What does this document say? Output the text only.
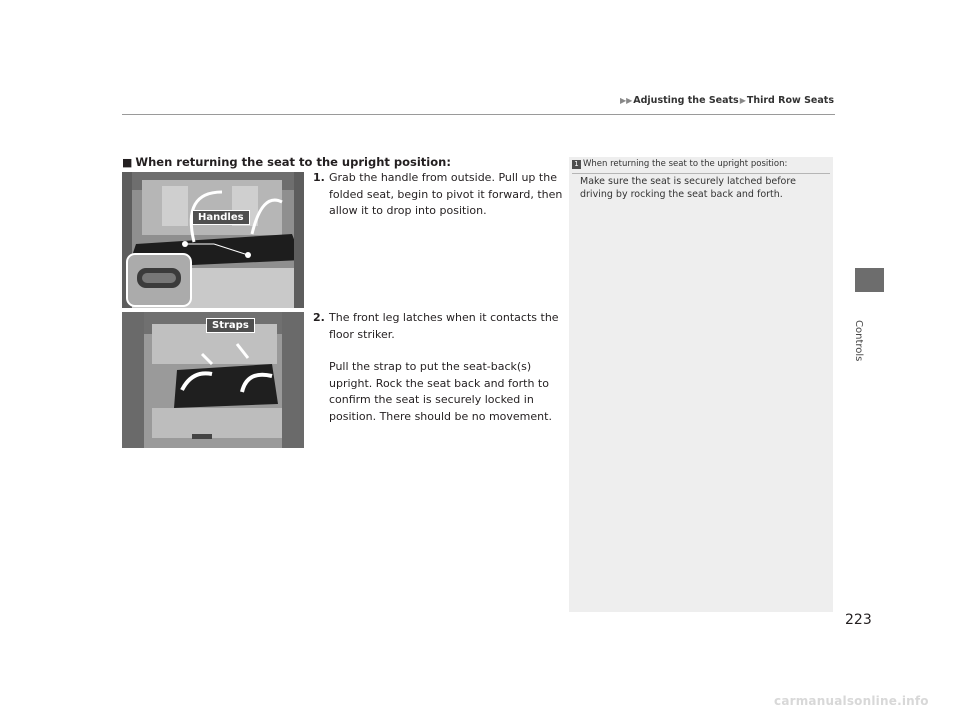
▶▶Adjusting the Seats▶Third Row Seats
Controls
■ When returning the seat to the upright position:
Handles
1. Grab the handle from outside. Pull up the folded seat, begin to pivot it forward, then allow it to drop into position.
Straps
2. The front leg latches when it contacts the floor striker.
Pull the strap to put the seat-back(s) upright. Rock the seat back and forth to confirm the seat is securely locked in position. There should be no movement.
1 When returning the seat to the upright position:
Make sure the seat is securely latched before driving by rocking the seat back and forth.
223
carmanualsonline.info
